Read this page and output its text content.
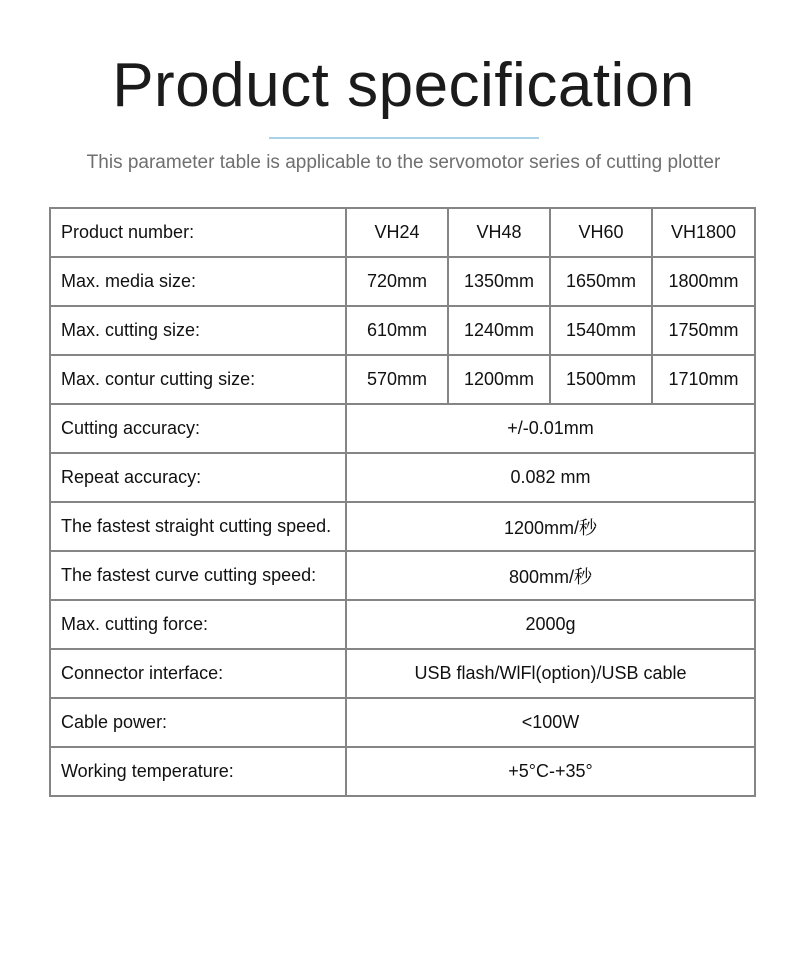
Product specification
This parameter table is applicable to the servomotor series of cutting plotter
Product number:	VH24	VH48	VH60	VH1800
Max. media size:	720mm	1350mm	1650mm	1800mm
Max. cutting size:	610mm	1240mm	1540mm	1750mm
Max. contur cutting size:	570mm	1200mm	1500mm	1710mm
Cutting accuracy:	+/-0.01mm			
Repeat accuracy:	0.082 mm			
The fastest straight cutting speed.	1200mm/秒			
The fastest curve cutting speed:	800mm/秒			
Max. cutting force:	2000g			
Connector interface:	USB flash/WlFl(option)/USB cable			
Cable power:	<100W			
Working temperature:	+5°C-+35°			
